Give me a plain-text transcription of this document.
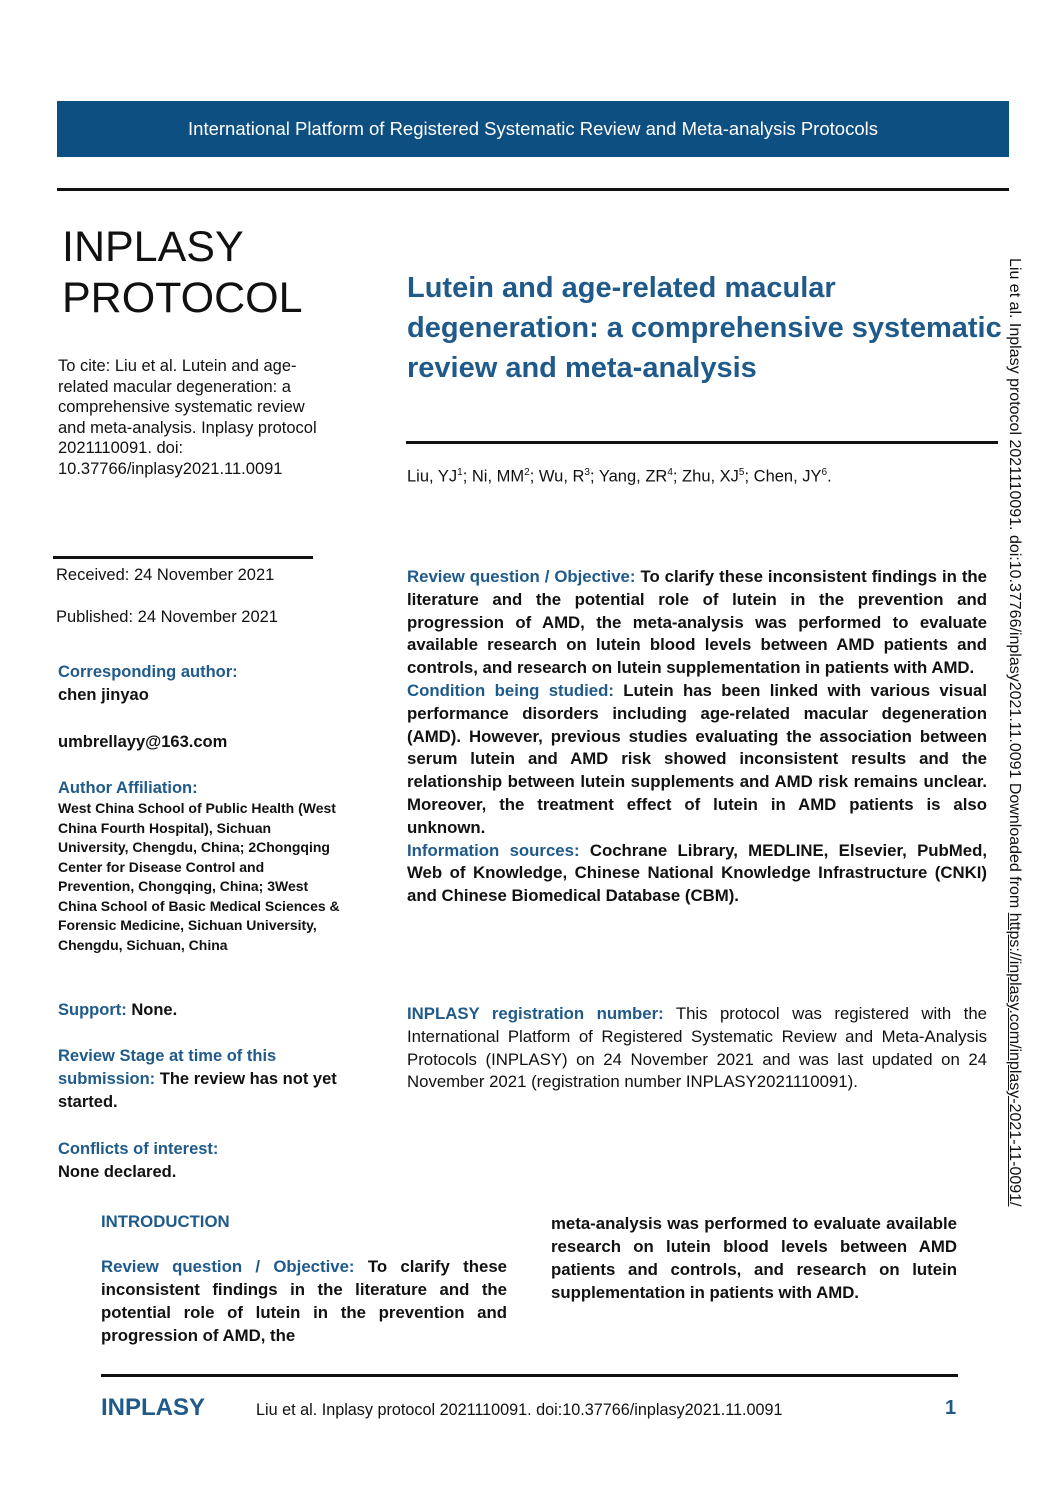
International Platform of Registered Systematic Review and Meta-analysis Protocols
INPLASY
PROTOCOL
To cite: Liu et al. Lutein and age-related macular degeneration: a comprehensive systematic review and meta-analysis. Inplasy protocol 2021110091. doi: 10.37766/inplasy2021.11.0091
Received: 24 November 2021
Published: 24 November 2021
Corresponding author:
chen jinyao
umbrellayy@163.com
Author Affiliation:
West China School of Public Health (West China Fourth Hospital), Sichuan University, Chengdu, China; 2Chongqing Center for Disease Control and Prevention, Chongqing, China; 3West China School of Basic Medical Sciences & Forensic Medicine, Sichuan University, Chengdu, Sichuan, China
Support: None.
Review Stage at time of this
submission: The review has not yet started.
Conflicts of interest:
None declared.
Lutein and age-related macular degeneration: a comprehensive systematic review and meta-analysis
Liu, $YJ^1$; Ni, $MM^2$; Wu, $R^3$; Yang, $ZR^4$; Zhu, $XJ^5$; Chen, $JY^6$.
Review question / Objective: To clarify these inconsistent findings in the literature and the potential role of lutein in the prevention and progression of AMD, the meta-analysis was performed to evaluate available research on lutein blood levels between AMD patients and controls, and research on lutein supplementation in patients with AMD.
Condition being studied: Lutein has been linked with various visual performance disorders including age-related macular degeneration (AMD). However, previous studies evaluating the association between serum lutein and AMD risk showed inconsistent results and the relationship between lutein supplements and AMD risk remains unclear. Moreover, the treatment effect of lutein in AMD patients is also unknown.
Information sources: Cochrane Library, MEDLINE, Elsevier, PubMed, Web of Knowledge, Chinese National Knowledge Infrastructure (CNKI) and Chinese Biomedical Database (CBM).
INPLASY registration number: This protocol was registered with the International Platform of Registered Systematic Review and Meta-Analysis Protocols (INPLASY) on 24 November 2021 and was last updated on 24 November 2021 (registration number INPLASY2021110091).
INTRODUCTION
Review question / Objective: To clarify these inconsistent findings in the literature and the potential role of lutein in the prevention and progression of AMD, the
meta-analysis was performed to evaluate available research on lutein blood levels between AMD patients and controls, and research on lutein supplementation in patients with AMD.
Liu et al. Inplasy protocol 2021110091. doi:10.37766/inplasy2021.11.0091 Downloaded from https://inplasy.com/inplasy-2021-11-0091/
INPLASY	Liu et al. Inplasy protocol 2021110091. doi:10.37766/inplasy2021.11.0091	1
